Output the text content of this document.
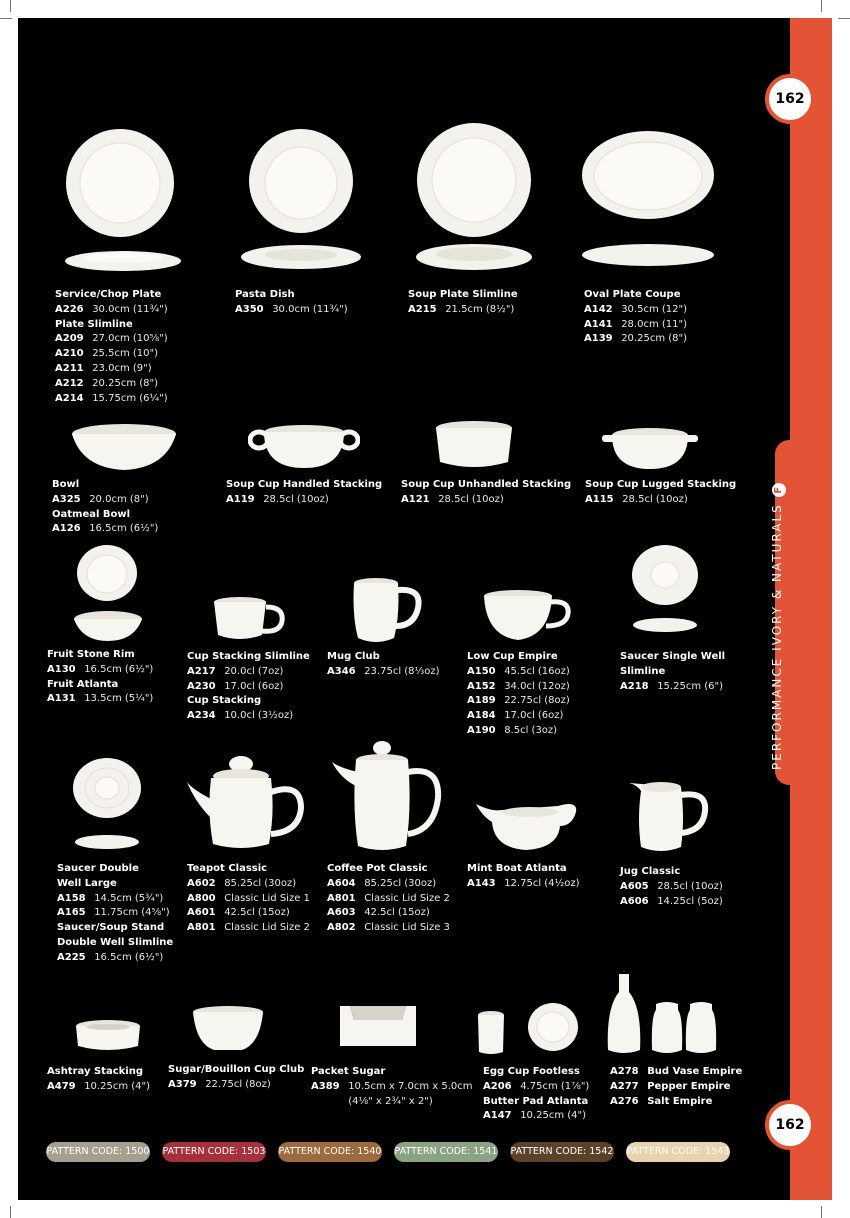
PERFORMANCE IVORY & NATURALSF
162
162
Service/Chop Plate
A226 30.0cm (11¾")
Plate Slimline
A209 27.0cm (10⅝")
A210 25.5cm (10")
A211 23.0cm (9")
A212 20.25cm (8")
A214 15.75cm (6¼")
Pasta Dish
A350 30.0cm (11¾")
Soup Plate Slimline
A215 21.5cm (8½")
Oval Plate Coupe
A142 30.5cm (12")
A141 28.0cm (11")
A139 20.25cm (8")
Bowl
A325 20.0cm (8")
Oatmeal Bowl
A126 16.5cm (6½")
Soup Cup Handled Stacking
A119 28.5cl (10oz)
Soup Cup Unhandled Stacking
A121 28.5cl (10oz)
Soup Cup Lugged Stacking
A115 28.5cl (10oz)
Fruit Stone Rim
A130 16.5cm (6½")
Fruit Atlanta
A131 13.5cm (5¼")
Cup Stacking Slimline
A217 20.0cl (7oz)
A230 17.0cl (6oz)
Cup Stacking
A234 10.0cl (3½oz)
Mug Club
A346 23.75cl (8⅓oz)
Low Cup Empire
A150 45.5cl (16oz)
A152 34.0cl (12oz)
A189 22.75cl (8oz)
A184 17.0cl (6oz)
A190 8.5cl (3oz)
Saucer Single Well
Slimline
A218 15.25cm (6")
Saucer Double
Well Large
A158 14.5cm (5¾")
A165 11.75cm (4⅝")
Saucer/Soup Stand
Double Well Slimline
A225 16.5cm (6½")
Teapot Classic
A602 85.25cl (30oz)
A800 Classic Lid Size 1
A601 42.5cl (15oz)
A801 Classic Lid Size 2
Coffee Pot Classic
A604 85.25cl (30oz)
A801 Classic Lid Size 2
A603 42.5cl (15oz)
A802 Classic Lid Size 3
Mint Boat Atlanta
A143 12.75cl (4½oz)
Jug Classic
A605 28.5cl (10oz)
A606 14.25cl (5oz)
Ashtray Stacking
A479 10.25cm (4")
Sugar/Bouillon Cup Club
A379 22.75cl (8oz)
Packet Sugar
A389 10.5cm x 7.0cm x 5.0cm
(4⅛" x 2¾" x 2")
Egg Cup Footless
A206 4.75cm (1⅞")
Butter Pad Atlanta
A147 10.25cm (4")
A278 Bud Vase Empire
A277 Pepper Empire
A276 Salt Empire
PATTERN CODE: 1500 PATTERN CODE: 1503 PATTERN CODE: 1540 PATTERN CODE: 1541 PATTERN CODE: 1542 PATTERN CODE: 1543
